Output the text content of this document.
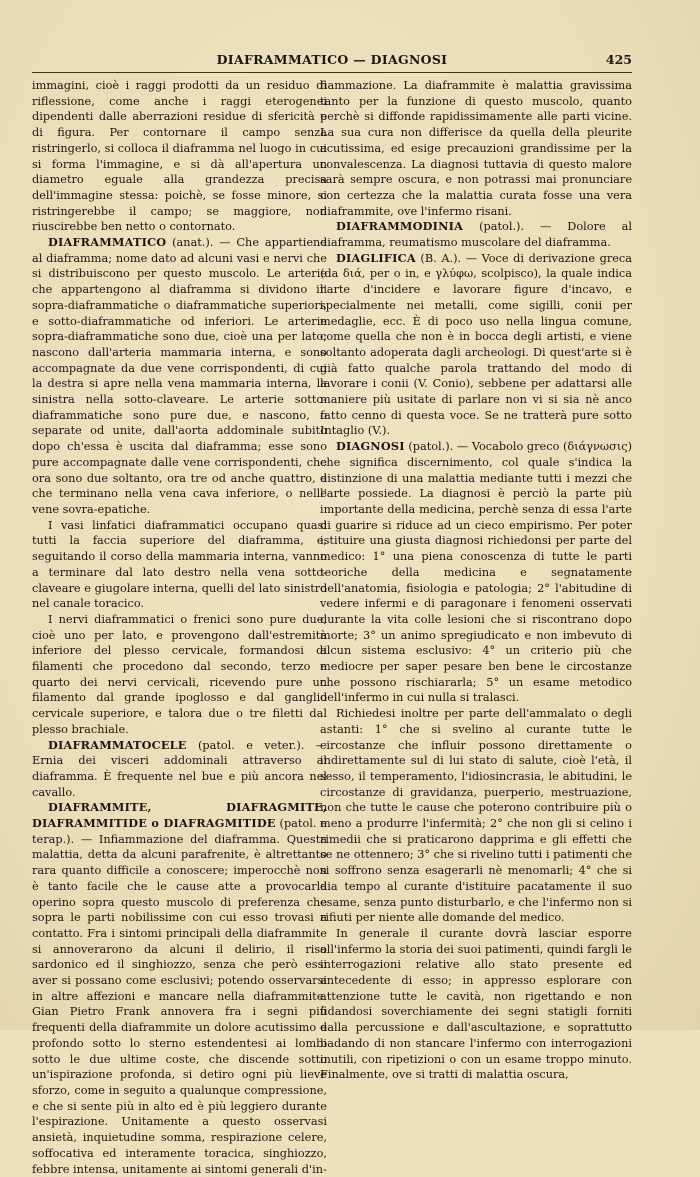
DIAFRAMMATICO — DIAGNOSI	425

immagini, cioè i raggi prodotti da un residuo di riflessione, come anche i raggi eterogenei dipendenti dalle aberrazioni residue di sfericità e di figura. Per contornare il campo senza ristringerlo, si colloca il diaframma nel luogo in cui si forma l'immagine, e si dà all'apertura un diametro eguale alla grandezza precisa dell'immagine stessa: poichè, se fosse minore, si ristringerebbe il campo; se maggiore, non riuscirebbe ben netto o contornato.

DIAFRAMMATICO (anat.). — Che appartiene al diaframma; nome dato ad alcuni vasi e nervi che si distribuiscono per questo muscolo. Le arterie che appartengono al diaframma si dividono in sopra-diaframmatiche o diaframmatiche superiori, e sotto-diaframmatiche od inferiori. Le arterie sopra-diaframmatiche sono due, cioè una per lato; nascono dall'arteria mammaria interna, e sono accompagnate da due vene corrispondenti, di cui la destra si apre nella vena mammaria interna, la sinistra nella sotto-claveare. Le arterie sotto-diaframmatiche sono pure due, e nascono, o separate od unite, dall'aorta addominale subito dopo ch'essa è uscita dal diaframma; esse sono pure accompagnate dalle vene corrispondenti, che ora sono due soltanto, ora tre od anche quattro, e che terminano nella vena cava inferiore, o nelle vene sovra-epatiche.

I vasi linfatici diaframmatici occupano quasi tutti la faccia superiore del diaframma, e, seguitando il corso della mammaria interna, vanno a terminare dal lato destro nella vena sotto-claveare e giugolare interna, quelli del lato sinistro nel canale toracico.

I nervi diaframmatici o frenici sono pure due, cioè uno per lato, e provengono dall'estremità inferiore del plesso cervicale, formandosi di filamenti che procedono dal secondo, terzo e quarto dei nervi cervicali, ricevendo pure un filamento dal grande ipoglosso e dal ganglio cervicale superiore, e talora due o tre filetti dal plesso brachiale.

DIAFRAMMATOCELE (patol. e veter.). — Ernia dei visceri addominali attraverso al diaframma. È frequente nel bue e più ancora nel cavallo.

DIAFRAMMITE, DIAFRAGMITE, DIAFRAMMITIDE o DIAFRAGMITIDE (patol. e terap.). — Infiammazione del diaframma. Questa malattia, detta da alcuni parafrenite, è altrettanto rara quanto difficile a conoscere; imperocchè non è tanto facile che le cause atte a provocarla operino sopra questo muscolo di preferenza che sopra le parti nobilissime con cui esso trovasi a contatto. Fra i sintomi principali della diaframmite si annoverarono da alcuni il delirio, il riso sardonico ed il singhiozzo, senza che però essi aver si possano come esclusivi; potendo osservarsi in altre affezioni e mancare nella diaframmite. Gian Pietro Frank annovera fra i segni più frequenti della diaframmite un dolore acutissimo e profondo sotto lo sterno estendentesi ai lombi sotto le due ultime coste, che discende sotto un'ispirazione profonda, si detiro ogni più lieve sforzo, come in seguito a qualunque compressione, e che si sente più in alto ed è più leggiero durante l'espirazione. Unitamente a questo osservasi ansietà, inquietudine somma, respirazione celere, soffocativa ed interamente toracica, singhiozzo, febbre intensa, unitamente ai sintomi generali d'in-

fiammazione. La diaframmite è malattia gravissima tanto per la funzione di questo muscolo, quanto perchè si diffonde rapidissimamente alle parti vicine. La sua cura non differisce da quella della pleurite acutissima, ed esige precauzioni grandissime per la convalescenza. La diagnosi tuttavia di questo malore sarà sempre oscura, e non potrassi mai pronunciare con certezza che la malattia curata fosse una vera diaframmite, ove l'infermo risani.

DIAFRAMMODINIA (patol.). — Dolore al diaframma, reumatismo muscolare del diaframma.

DIAGLIFICA (B. A.). — Voce di derivazione greca (da διά, per o in, e γλύφω, scolpisco), la quale indica l'arte d'incidere e lavorare figure d'incavo, e specialmente nei metalli, come sigilli, conii per medaglie, ecc. È di poco uso nella lingua comune, come quella che non è in bocca degli artisti, e viene soltanto adoperata dagli archeologi. Di quest'arte si è già fatto qualche parola trattando del modo di lavorare i conii (V. Conio), sebbene per adattarsi alle maniere più usitate di parlare non vi si sia nè anco fatto cenno di questa voce. Se ne tratterà pure sotto Intaglio (V.).

DIAGNOSI (patol.). — Vocabolo greco (διάγνωσις) che significa discernimento, col quale s'indica la distinzione di una malattia mediante tutti i mezzi che l'arte possiede. La diagnosi è perciò la parte più importante della medicina, perchè senza di essa l'arte di guarire si riduce ad un cieco empirismo. Per poter istituire una giusta diagnosi richiedonsi per parte del medico: 1° una piena conoscenza di tutte le parti teoriche della medicina e segnatamente dell'anatomia, fisiologia e patologia; 2° l'abitudine di vedere infermi e di paragonare i fenomeni osservati durante la vita colle lesioni che si riscontrano dopo morte; 3° un animo spregiudicato e non imbevuto di alcun sistema esclusivo: 4° un criterio più che mediocre per saper pesare ben bene le circostanze che possono rischiararla; 5° un esame metodico dell'infermo in cui nulla si tralasci.

Richiedesi inoltre per parte dell'ammalato o degli astanti: 1° che si svelino al curante tutte le circostanze che influir possono direttamente o indirettamente sul di lui stato di salute, cioè l'età, il sesso, il temperamento, l'idiosincrasia, le abitudini, le circostanze di gravidanza, puerperio, mestruazione, non che tutte le cause che poterono contribuire più o meno a produrre l'infermità; 2° che non gli si celino i rimedii che si praticarono dapprima e gli effetti che se ne ottennero; 3° che si rivelino tutti i patimenti che si soffrono senza esagerarli nè menomarli; 4° che si dia tempo al curante d'istituire pacatamente il suo esame, senza punto disturbarlo, e che l'infermo non si rifiuti per niente alle domande del medico.

In generale il curante dovrà lasciar esporre all'infermo la storia dei suoi patimenti, quindi fargli le interrogazioni relative allo stato presente ed antecedente di esso; in appresso esplorare con attenzione tutte le cavità, non rigettando e non fidandosi soverchiamente dei segni statigli forniti dalla percussione e dall'ascultazione, e soprattutto badando di non stancare l'infermo con interrogazioni inutili, con ripetizioni o con un esame troppo minuto. Finalmente, ove si tratti di malattia oscura,
